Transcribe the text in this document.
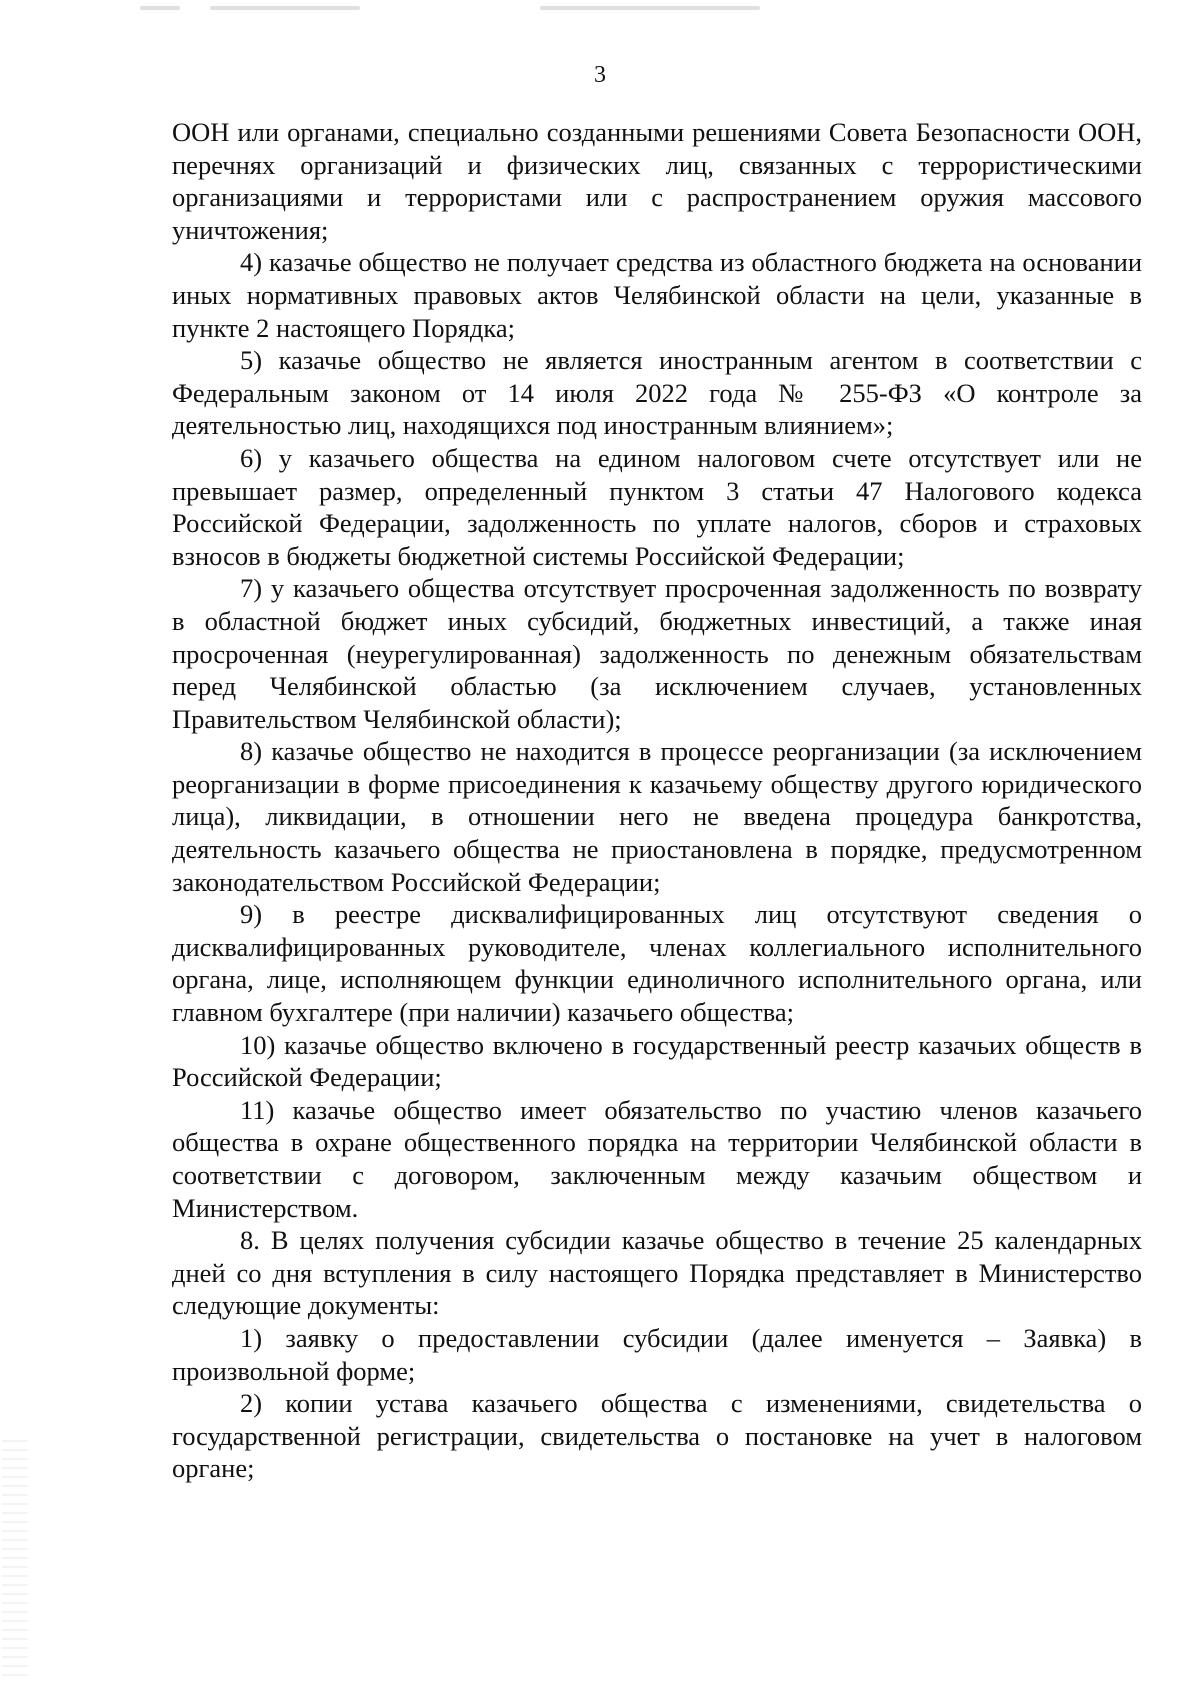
3

ООН или органами, специально созданными решениями Совета Безопасности ООН, перечнях организаций и физических лиц, связанных с террористическими организациями и террористами или с распространением оружия массового уничтожения;

4) казачье общество не получает средства из областного бюджета на основании иных нормативных правовых актов Челябинской области на цели, указанные в пункте 2 настоящего Порядка;

5) казачье общество не является иностранным агентом в соответствии с Федеральным законом от 14 июля 2022 года № 255-ФЗ «О контроле за деятельностью лиц, находящихся под иностранным влиянием»;

6) у казачьего общества на едином налоговом счете отсутствует или не превышает размер, определенный пунктом 3 статьи 47 Налогового кодекса Российской Федерации, задолженность по уплате налогов, сборов и страховых взносов в бюджеты бюджетной системы Российской Федерации;

7) у казачьего общества отсутствует просроченная задолженность по возврату в областной бюджет иных субсидий, бюджетных инвестиций, а также иная просроченная (неурегулированная) задолженность по денежным обязательствам перед Челябинской областью (за исключением случаев, установленных Правительством Челябинской области);

8) казачье общество не находится в процессе реорганизации (за исключением реорганизации в форме присоединения к казачьему обществу другого юридического лица), ликвидации, в отношении него не введена процедура банкротства, деятельность казачьего общества не приостановлена в порядке, предусмотренном законодательством Российской Федерации;

9) в реестре дисквалифицированных лиц отсутствуют сведения о дисквалифицированных руководителе, членах коллегиального исполнительного органа, лице, исполняющем функции единоличного исполнительного органа, или главном бухгалтере (при наличии) казачьего общества;

10) казачье общество включено в государственный реестр казачьих обществ в Российской Федерации;

11) казачье общество имеет обязательство по участию членов казачьего общества в охране общественного порядка на территории Челябинской области в соответствии с договором, заключенным между казачьим обществом и Министерством.

8. В целях получения субсидии казачье общество в течение 25 календарных дней со дня вступления в силу настоящего Порядка представляет в Министерство следующие документы:

1) заявку о предоставлении субсидии (далее именуется – Заявка) в произвольной форме;

2) копии устава казачьего общества с изменениями, свидетельства о государственной регистрации, свидетельства о постановке на учет в налоговом органе;
